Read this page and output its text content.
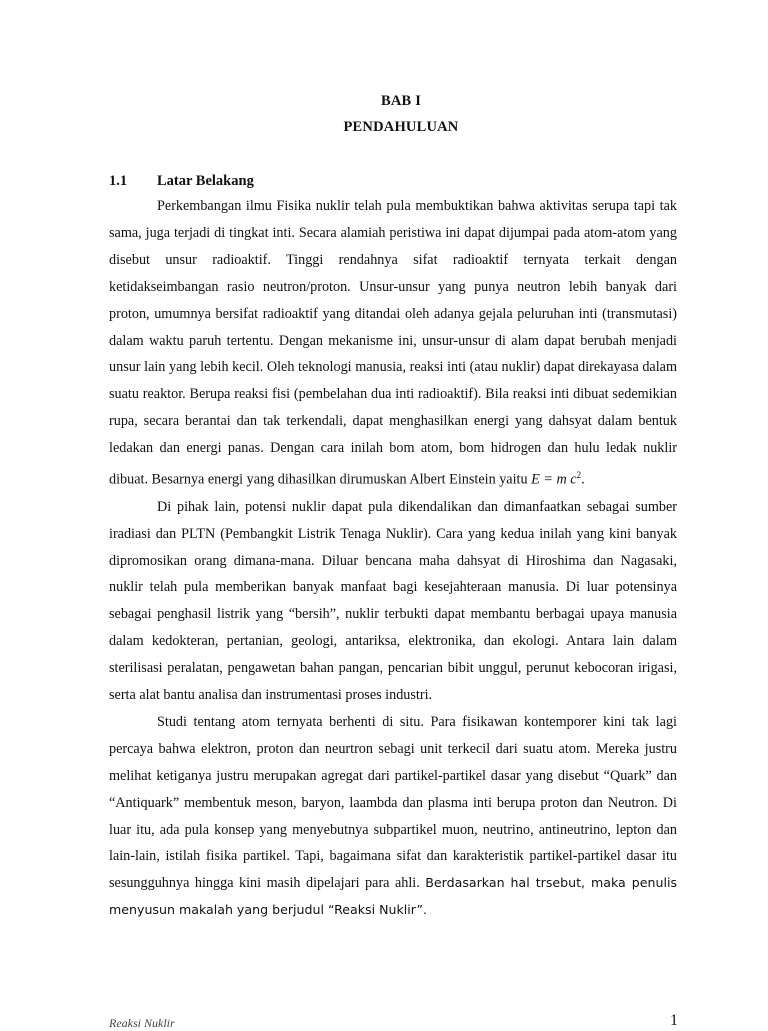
BAB I
PENDAHULUAN
1.1 Latar Belakang

Perkembangan ilmu Fisika nuklir telah pula membuktikan bahwa aktivitas serupa tapi tak sama, juga terjadi di tingkat inti. Secara alamiah peristiwa ini dapat dijumpai pada atom-atom yang disebut unsur radioaktif. Tinggi rendahnya sifat radioaktif ternyata terkait dengan ketidakseimbangan rasio neutron/proton. Unsur-unsur yang punya neutron lebih banyak dari proton, umumnya bersifat radioaktif yang ditandai oleh adanya gejala peluruhan inti (transmutasi) dalam waktu paruh tertentu. Dengan mekanisme ini, unsur-unsur di alam dapat berubah menjadi unsur lain yang lebih kecil. Oleh teknologi manusia, reaksi inti (atau nuklir) dapat direkayasa dalam suatu reaktor. Berupa reaksi fisi (pembelahan dua inti radioaktif). Bila reaksi inti dibuat sedemikian rupa, secara berantai dan tak terkendali, dapat menghasilkan energi yang dahsyat dalam bentuk ledakan dan energi panas. Dengan cara inilah bom atom, bom hidrogen dan hulu ledak nuklir dibuat. Besarnya energi yang dihasilkan dirumuskan Albert Einstein yaitu E = m $c^2$.

Di pihak lain, potensi nuklir dapat pula dikendalikan dan dimanfaatkan sebagai sumber iradiasi dan PLTN (Pembangkit Listrik Tenaga Nuklir). Cara yang kedua inilah yang kini banyak dipromosikan orang dimana-mana. Diluar bencana maha dahsyat di Hiroshima dan Nagasaki, nuklir telah pula memberikan banyak manfaat bagi kesejahteraan manusia. Di luar potensinya sebagai penghasil listrik yang “bersih”, nuklir terbukti dapat membantu berbagai upaya manusia dalam kedokteran, pertanian, geologi, antariksa, elektronika, dan ekologi. Antara lain dalam sterilisasi peralatan, pengawetan bahan pangan, pencarian bibit unggul, perunut kebocoran irigasi, serta alat bantu analisa dan instrumentasi proses industri.

Studi tentang atom ternyata berhenti di situ. Para fisikawan kontemporer kini tak lagi percaya bahwa elektron, proton dan neurtron sebagi unit terkecil dari suatu atom. Mereka justru melihat ketiganya justru merupakan agregat dari partikel-partikel dasar yang disebut “Quark” dan “Antiquark” membentuk meson, baryon, laambda dan plasma inti berupa proton dan Neutron. Di luar itu, ada pula konsep yang menyebutnya subpartikel muon, neutrino, antineutrino, lepton dan lain-lain, istilah fisika partikel. Tapi, bagaimana sifat dan karakteristik partikel-partikel dasar itu sesungguhnya hingga kini masih dipelajari para ahli. Berdasarkan hal trsebut, maka penulis menyusun makalah yang berjudul “Reaksi Nuklir”.

Reaksi Nuklir	1
